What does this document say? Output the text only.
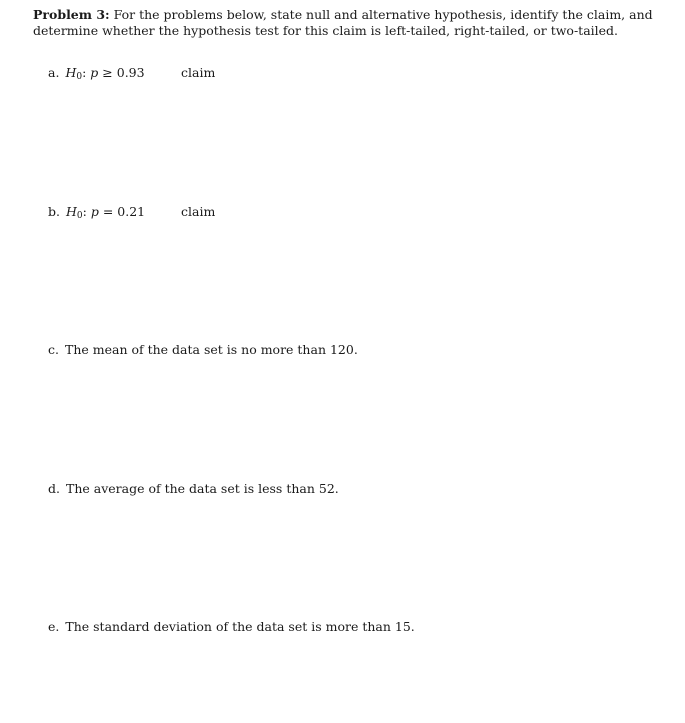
Problem 3: For the problems below, state null and alternative hypothesis, identify the claim, and determine whether the hypothesis test for this claim is left-tailed, right-tailed, or two-tailed.
a. $H_0$: p ≥ 0.93	claim
b. $H_0$: p = 0.21	claim
c. The mean of the data set is no more than 120.
d. The average of the data set is less than 52.
e. The standard deviation of the data set is more than 15.
